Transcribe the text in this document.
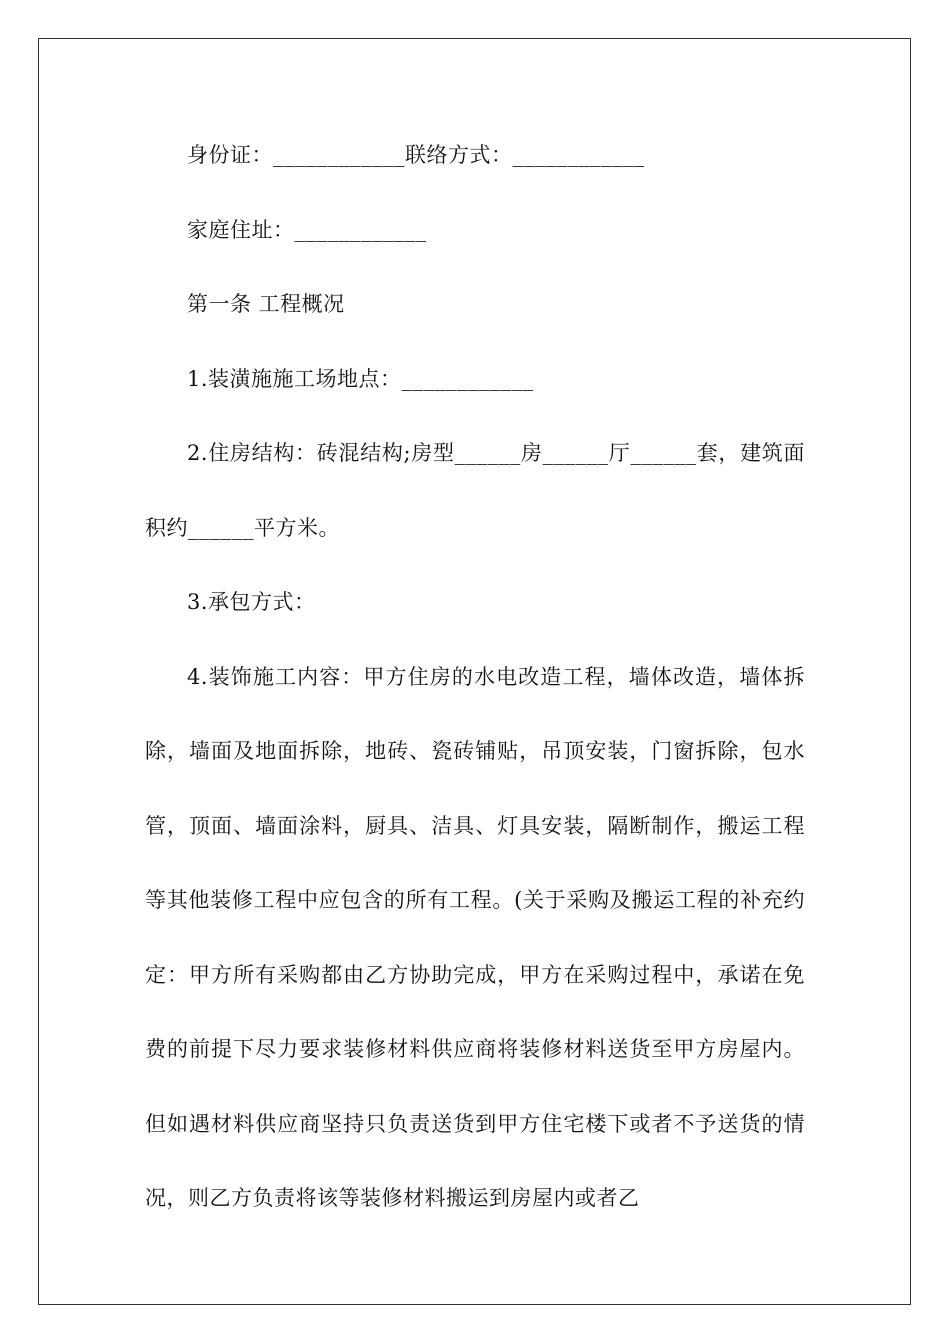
身份证：____________联络方式：____________

家庭住址：____________

第一条 工程概况

1.装潢施施工场地点：____________

2.住房结构：砖混结构;房型______房______厅______套，建筑面积约______平方米。

3.承包方式：

4.装饰施工内容：甲方住房的水电改造工程，墙体改造，墙体拆除，墙面及地面拆除，地砖、瓷砖铺贴，吊顶安装，门窗拆除，包水管，顶面、墙面涂料，厨具、洁具、灯具安装，隔断制作，搬运工程等其他装修工程中应包含的所有工程。(关于采购及搬运工程的补充约定：甲方所有采购都由乙方协助完成，甲方在采购过程中，承诺在免费的前提下尽力要求装修材料供应商将装修材料送货至甲方房屋内。但如遇材料供应商坚持只负责送货到甲方住宅楼下或者不予送货的情况，则乙方负责将该等装修材料搬运到房屋内或者乙
